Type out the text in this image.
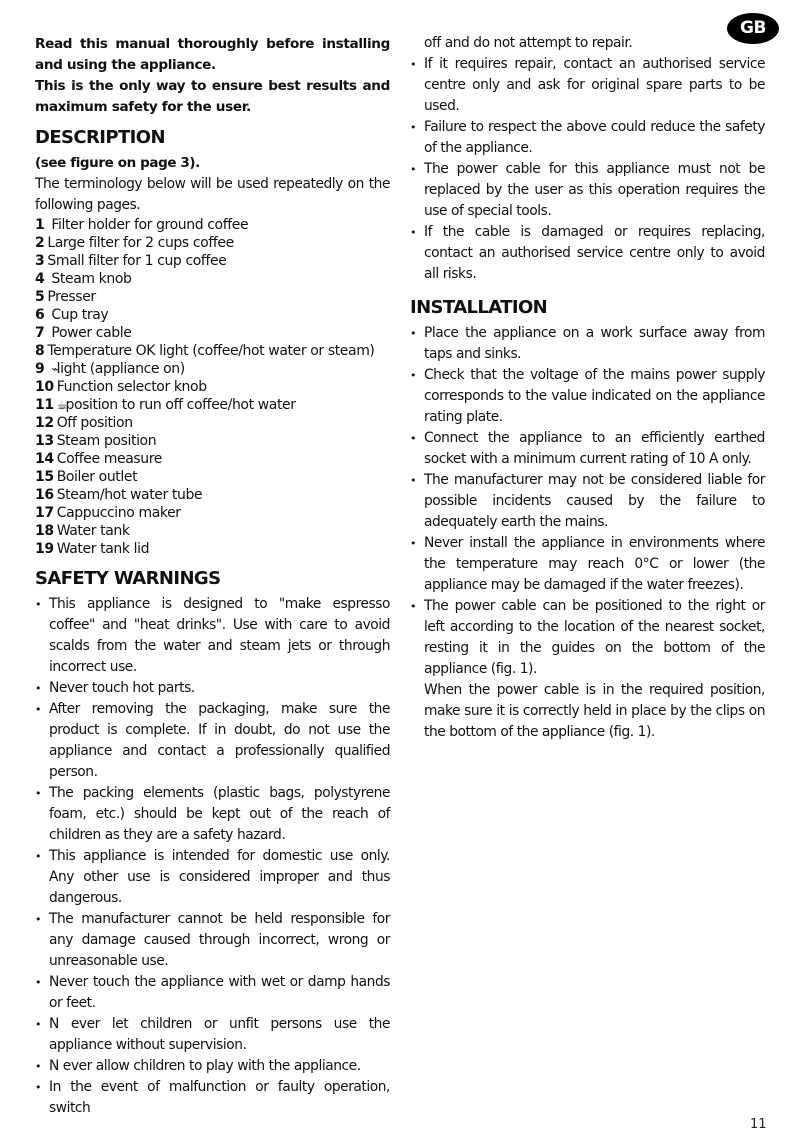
GB

Read this manual thoroughly before installing and using the appliance.

This is the only way to ensure best results and maximum safety for the user.

DESCRIPTION
(see figure on page 3).

The terminology below will be used repeatedly on the following pages.

1 Filter holder for ground coffee
2 Large filter for 2 cups coffee
3 Small filter for 1 cup coffee
4 Steam knob
5 Presser
6 Cup tray
7 Power cable
8 Temperature OK light (coffee/hot water or steam)
9 ⌁light (appliance on)
10 Function selector knob
11 ☕position to run off coffee/hot water
12 Off position
13 Steam position
14 Coffee measure
15 Boiler outlet
16 Steam/hot water tube
17 Cappuccino maker
18 Water tank
19 Water tank lid
SAFETY WARNINGS
• This appliance is designed to "make espresso coffee" and "heat drinks". Use with care to avoid scalds from the water and steam jets or through incorrect use.
• Never touch hot parts.
• After removing the packaging, make sure the product is complete. If in doubt, do not use the appliance and contact a professionally qualified person.
• The packing elements (plastic bags, polystyrene foam, etc.) should be kept out of the reach of children as they are a safety hazard.
• This appliance is intended for domestic use only. Any other use is considered improper and thus dangerous.
• The manufacturer cannot be held responsible for any damage caused through incorrect, wrong or unreasonable use.
• Never touch the appliance with wet or damp hands or feet.
• N ever let children or unfit persons use the appliance without supervision.
• N ever allow children to play with the appliance.
• In the event of malfunction or faulty operation, switch

off and do not attempt to repair.

• If it requires repair, contact an authorised service centre only and ask for original spare parts to be used.
• Failure to respect the above could reduce the safety of the appliance.
• The power cable for this appliance must not be replaced by the user as this operation requires the use of special tools.
• If the cable is damaged or requires replacing, contact an authorised service centre only to avoid all risks.
INSTALLATION
• Place the appliance on a work surface away from taps and sinks.
• Check that the voltage of the mains power supply corresponds to the value indicated on the appliance rating plate.
• Connect the appliance to an efficiently earthed socket with a minimum current rating of 10 A only.
• The manufacturer may not be considered liable for possible incidents caused by the failure to adequately earth the mains.
• Never install the appliance in environments where the temperature may reach 0°C or lower (the appliance may be damaged if the water freezes).
• The power cable can be positioned to the right or left according to the location of the nearest socket, resting it in the guides on the bottom of the appliance (fig. 1).
When the power cable is in the required position, make sure it is correctly held in place by the clips on the bottom of the appliance (fig. 1).
11
